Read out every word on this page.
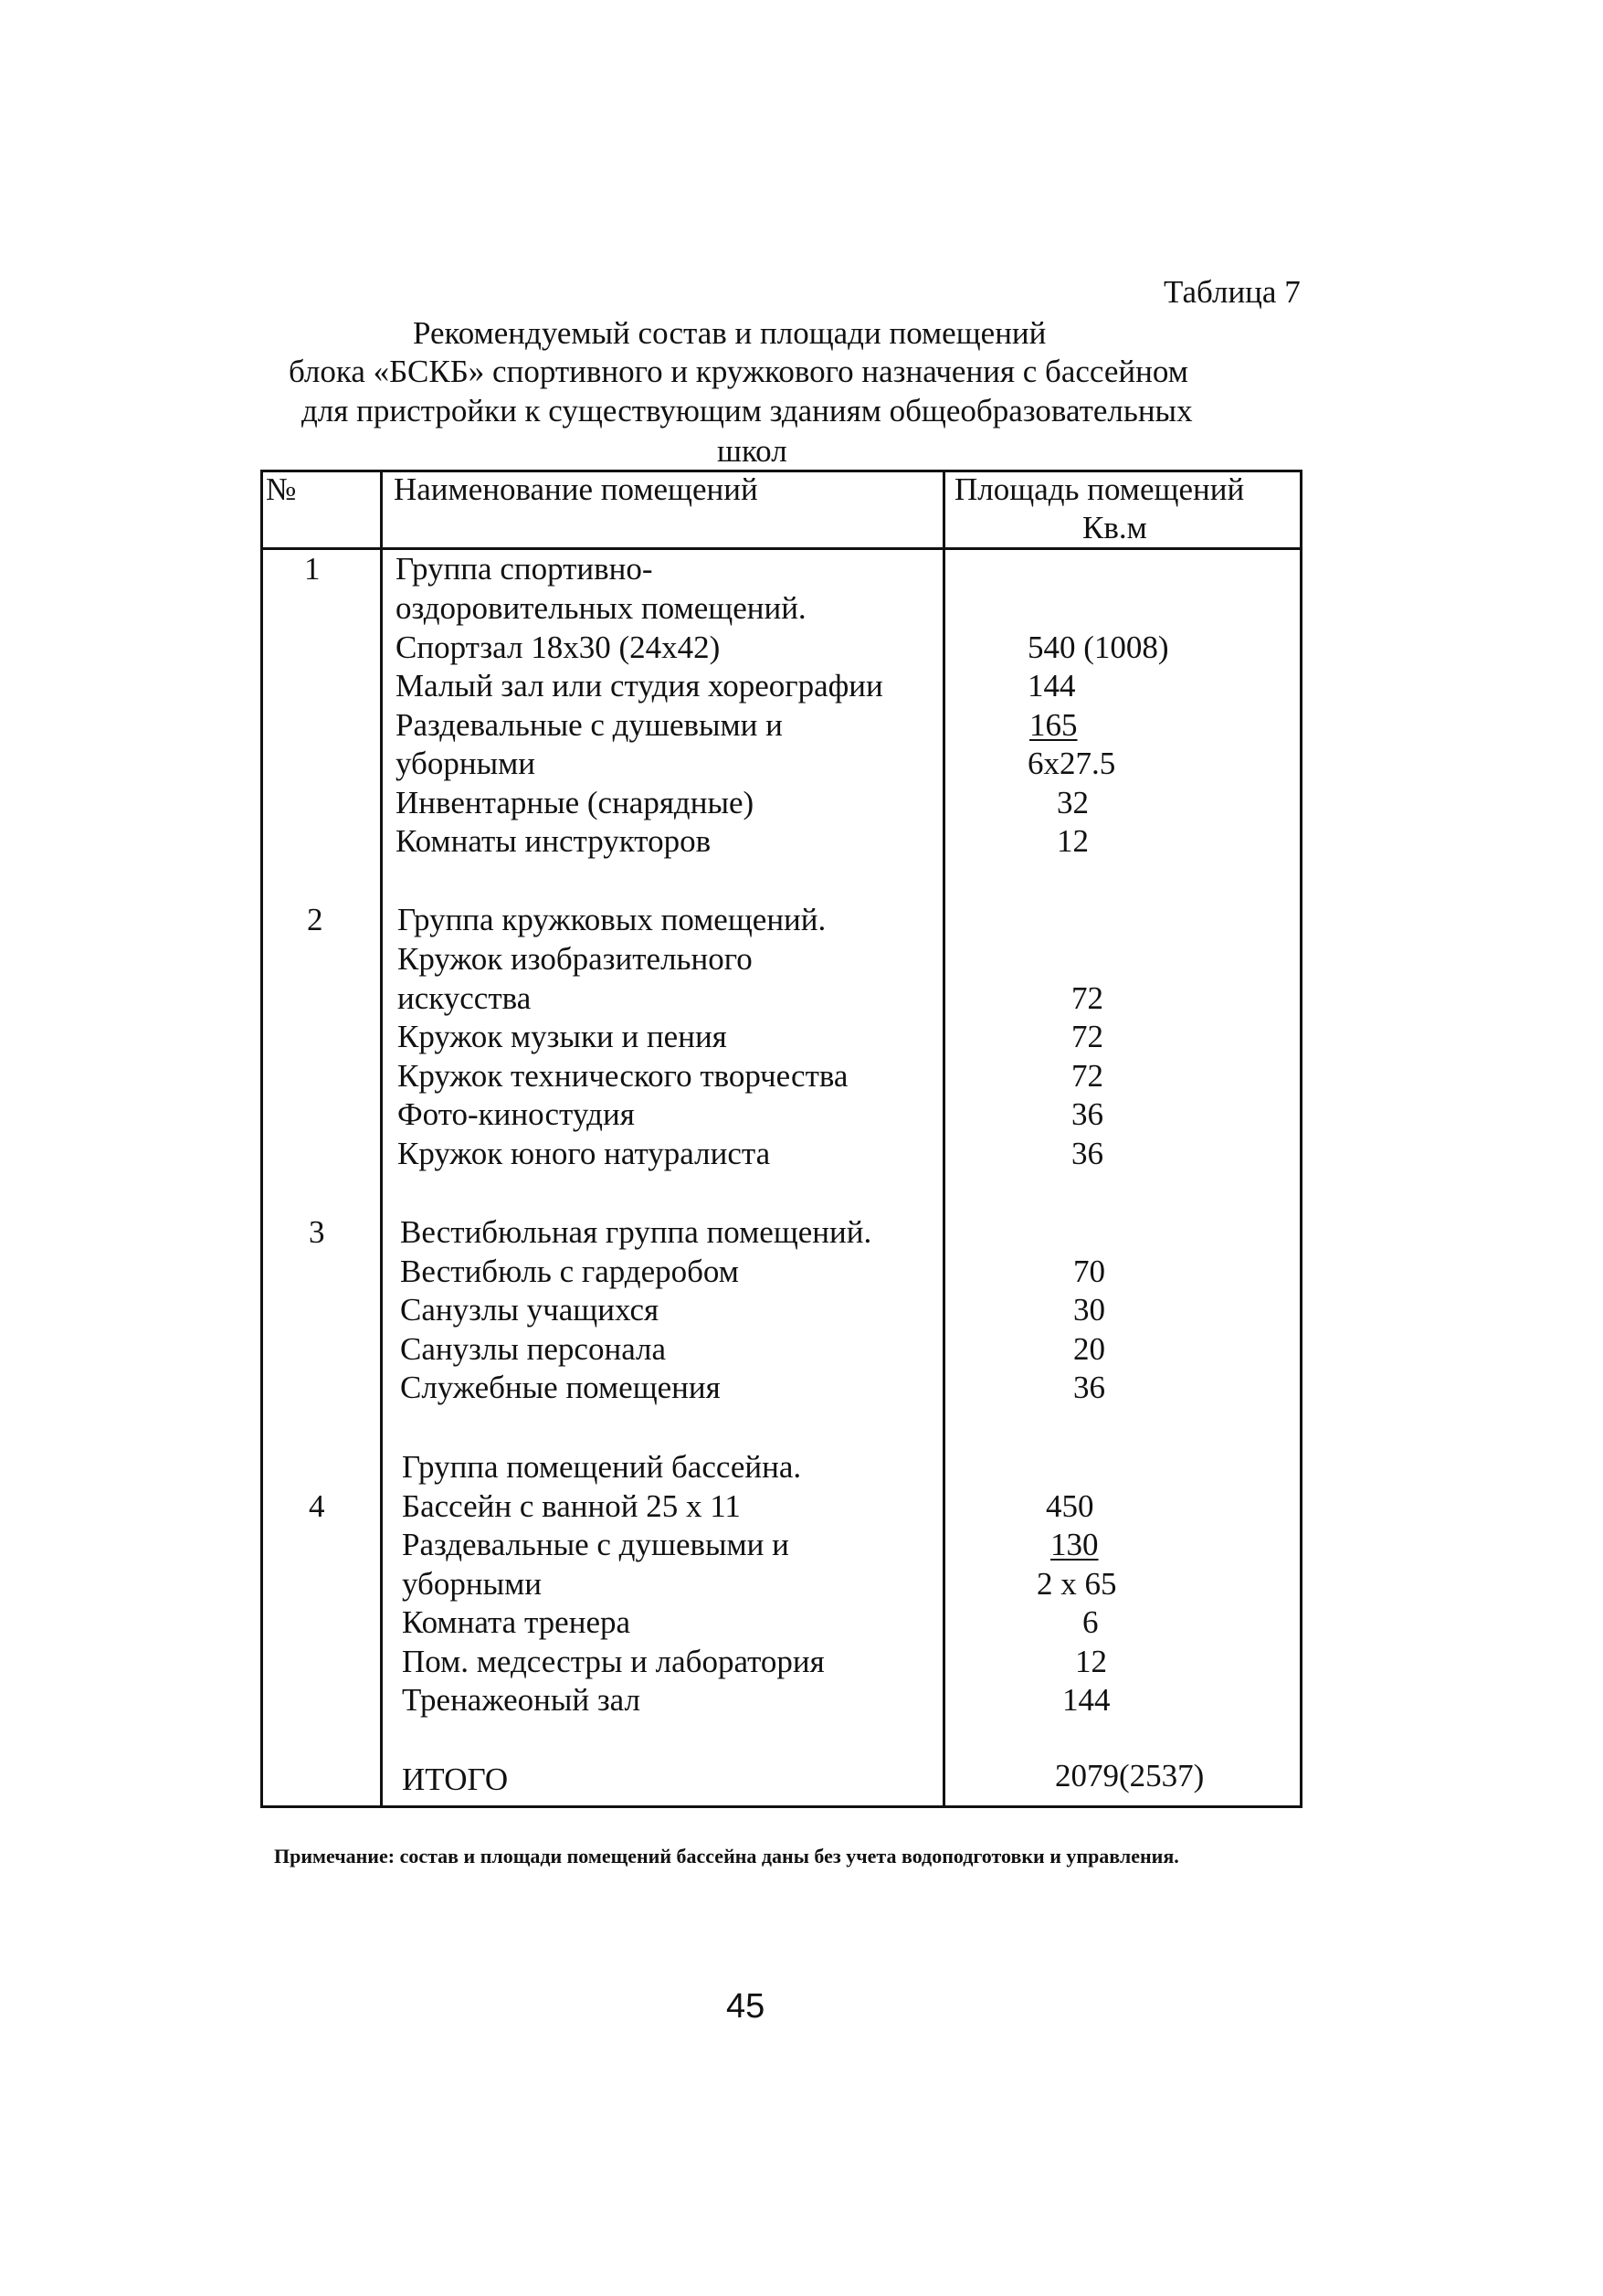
Таблица 7
Рекомендуемый состав и площади помещений
блока «БСКБ» спортивного и кружкового назначения с бассейном
для пристройки к существующим зданиям общеобразовательных
школ
№	Наименование помещений	Площадь помещений
Кв.м
1 Группа спортивно-
оздоровительных помещений.
Спортзал 18х30 (24х42)	540 (1008)
Малый зал или студия хореографии	144
Раздевальные с душевыми и	165
уборными	6х27.5
Инвентарные (снарядные)	32
Комнаты инструкторов	12
2 Группа кружковых помещений.
Кружок изобразительного
искусства	72
Кружок музыки и пения	72
Кружок технического творчества	72
Фото-киностудия	36
Кружок юного натуралиста	36
3 Вестибюльная группа помещений.
Вестибюль с гардеробом	70
Санузлы учащихся	30
Санузлы персонала	20
Служебные помещения	36
Группа помещений бассейна.
4 Бассейн с ванной 25 х 11	450
Раздевальные с душевыми и	130
уборными	2 х 65
Комната тренера	6
Пом. медсестры и лаборатория	12
Тренажеоный зал	144
ИТОГО	2079(2537)
Примечание: состав и площади помещений бассейна даны без учета водоподготовки и управления.
45
